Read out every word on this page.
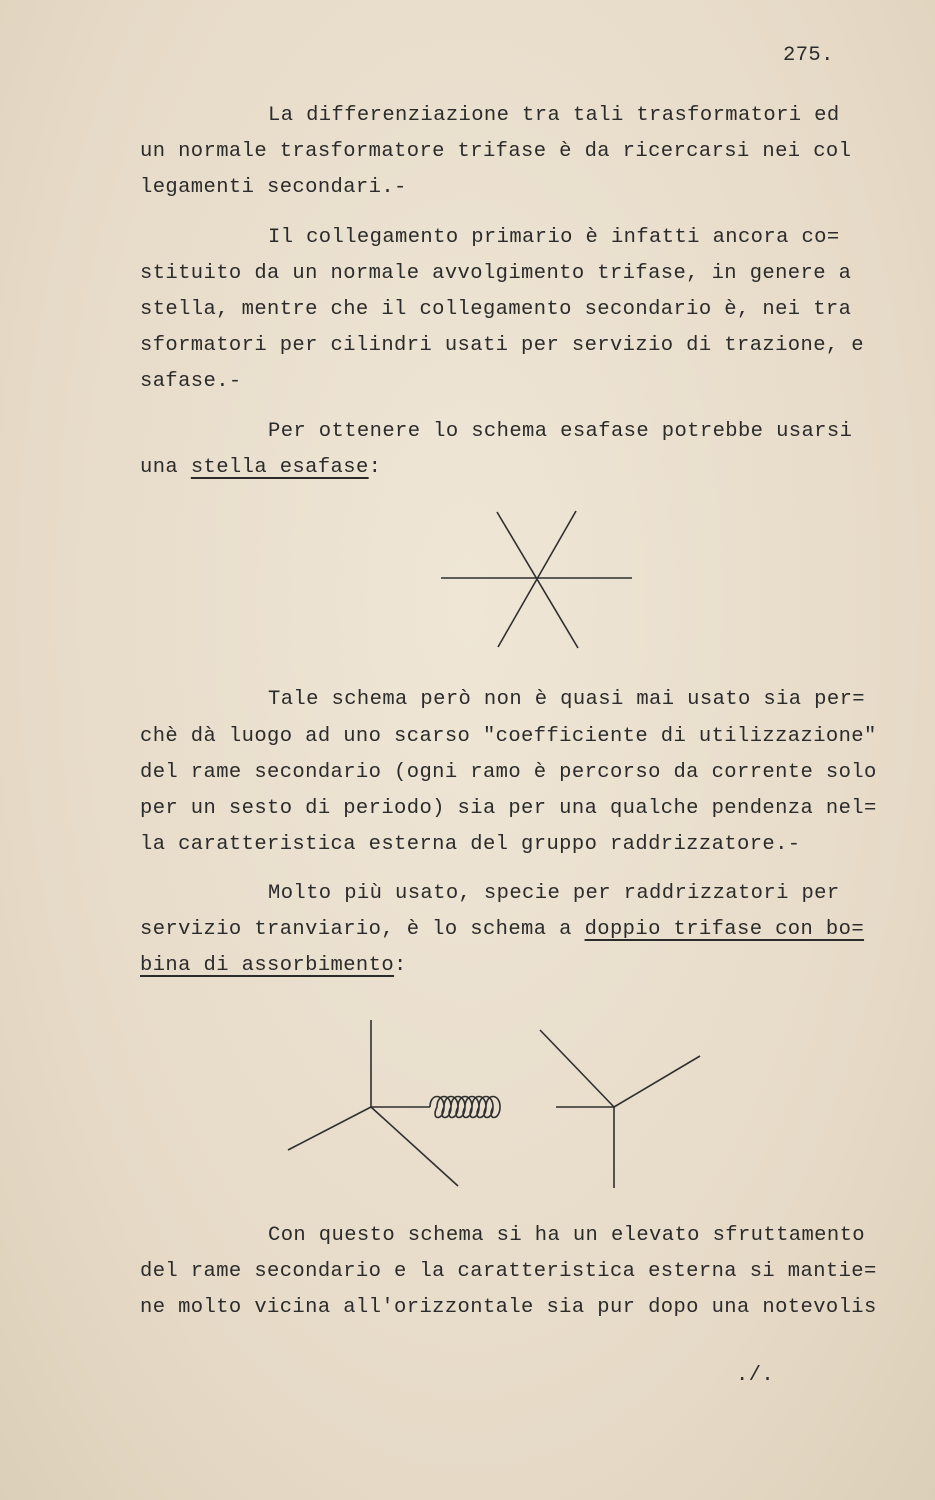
275.
La differenziazione tra tali trasformatori ed
un normale trasformatore trifase è da ricercarsi nei col
legamenti secondari.-
Il collegamento primario è infatti ancora co=
stituito da un normale avvolgimento trifase, in genere a
stella, mentre che il collegamento secondario è, nei tra
sformatori per cilindri usati per servizio di trazione, e
safase.-
Per ottenere lo schema esafase potrebbe usarsi
una stella esafase:
Tale schema però non è quasi mai usato sia per=
chè dà luogo ad uno scarso "coefficiente di utilizzazione"
del rame secondario (ogni ramo è percorso da corrente solo
per un sesto di periodo) sia per una qualche pendenza nel=
la caratteristica esterna del gruppo raddrizzatore.-
Molto più usato, specie per raddrizzatori per
servizio tranviario, è lo schema a doppio trifase con bo=
bina di assorbimento:
Con questo schema si ha un elevato sfruttamento
del rame secondario e la caratteristica esterna si mantie=
ne molto vicina all'orizzontale sia pur dopo una notevolis
./.
